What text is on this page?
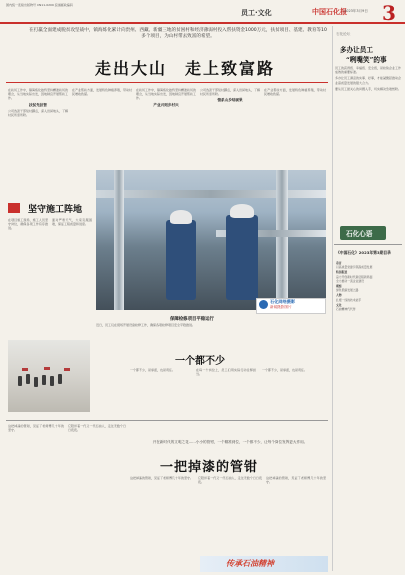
国内统一连续出版物号 CN11-0209 投递邮政编码
员工·文化	中国石化报
2023年3月9日 3
在打赢全面建成脱贫攻坚战中，镇海炼化累计向贵州、西藏、新疆三地的贫困村和经济薄弱村投入帮扶资金1000万元，扶贫项目、基建、教育等10多个项目，为山村带去致富的希望。
走出大山　走上致富路

在扶贫工作中，镇海炼化始终坚持精准扶贫的理念，从当地实际出发，因地制宜开展帮扶工作。

扶贫先扶智

公司选派干部驻村蹲点，深入田间地头，了解村民所需所盼。

在产业帮扶方面，发展特色种植养殖，带动村民增收致富。

在扶贫工作中，镇海炼化始终坚持精准扶贫的理念，从当地实际出发，因地制宜开展帮扶工作。

产业兴则乡村兴

公司选派干部驻村蹲点，深入田间地头，了解村民所需所盼。

情系山乡结硕果

在产业帮扶方面，发展特色种植养殖，带动村民增收致富。

坚守施工阵地

在项目施工现场，施工人员坚守岗位，确保各项工作有序推进。

面对严寒天气，大家克服困难，保证工程质量和进度。

石化网络摄影
新闻摄影图片
保障检修项目平稳运行
近日，员工们在现场开展设备检修工作，确保各项检修项目安全平稳推进。
一个都不少

一个都不少，是承诺，也是责任。	在每一个岗位上，员工们用实际行动诠释担当。

一个都不少，是承诺，也是责任。

这把掉漆的管钳，见证了老师傅几十年的坚守。

它陪伴着一代又一代石油人，走过无数个日日夜夜。

开在新时代的文明之花……小小的管钳，一个精准到位，一个都不少，让每个岗位发挥更大作用。
一把掉漆的管钳

这把掉漆的管钳，见证了老师傅几十年的坚守。	它陪伴着一代又一代石油人，走过无数个日日夜夜。

这把掉漆的管钳，见证了老师傅几十年的坚守。

传承石油精神
石化论坛
多办让员工
“咧嘴笑”的事

员工的获得感、幸福感、安全感，是检验企业工作成效的重要标准。

多办让员工满意的实事、好事，才能凝聚起推动企业高质量发展的强大合力。

要从员工最关心的问题入手，切实解决急难愁盼。

石化心语
《中国石化》2023年第3期目录
卷首
以高质量党建引领高质量发展
特别报道
奋力开创新时代新征程新局面
全力推动一流企业建设
观察
绿色低碳发展之路
人物
扎根一线的技术能手
文化
石油精神代代传
